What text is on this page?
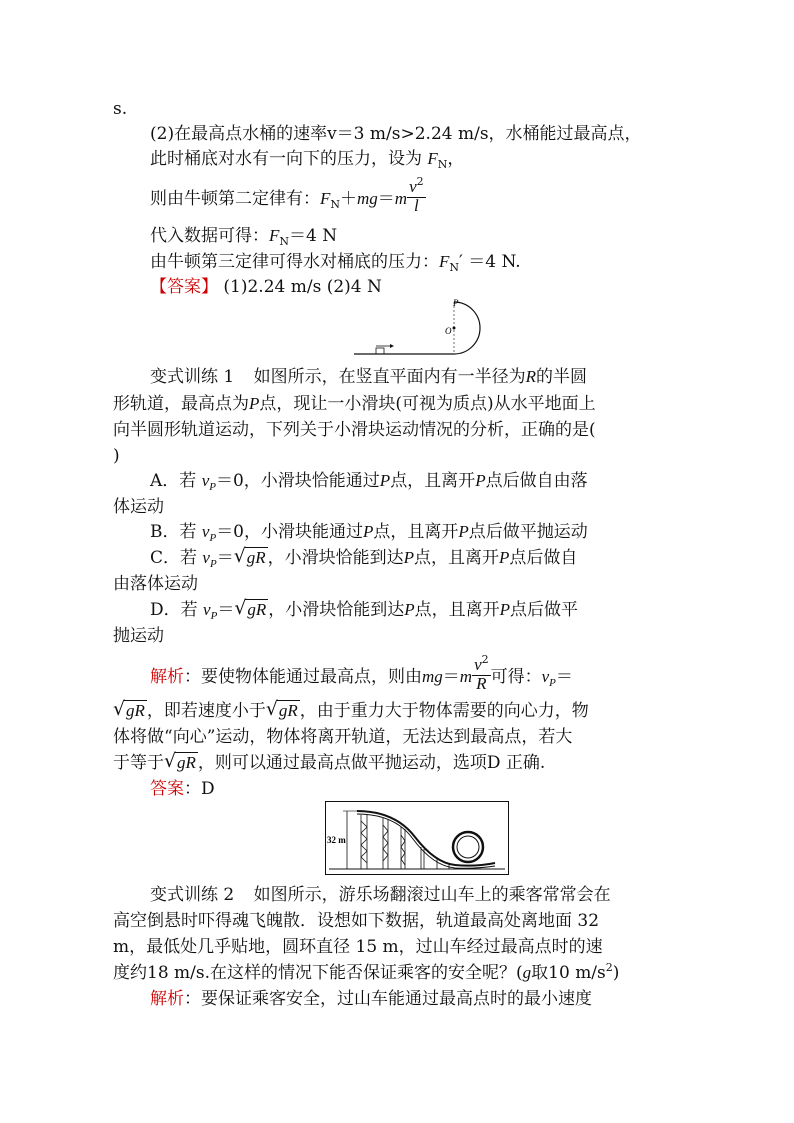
s.
(2)在最高点水桶的速率v＝3 m/s>2.24 m/s，水桶能过最高点，
此时桶底对水有一向下的压力，设为 $F_N$，
则由牛顿第二定律有：$F_N+mg=m \frac{v^2}{l}$
代入数据可得：$F_N=4$ N
由牛顿第三定律可得水对桶底的压力：$F_N' =4$ N.
【答案】 (1)2.24 m/s (2)4 N
P
O
变式训练 1 如图所示，在竖直平面内有一半径为R的半圆
形轨道，最高点为P点，现让一小滑块(可视为质点)从水平地面上
向半圆形轨道运动，下列关于小滑块运动情况的分析，正确的是(
)
A．若 $v_P=0$，小滑块恰能通过P点，且离开P点后做自由落
体运动
B．若 $v_P=0$，小滑块能通过P点，且离开P点后做平抛运动
C．若 $v_P=$ √ gR ，小滑块恰能到达P点，且离开P点后做自
由落体运动
D．若 $v_P=$ √ gR ，小滑块恰能到达P点，且离开P点后做平
抛运动
解析：要使物体能通过最高点，则由$mg=m \frac{v^2}{R}$ 可得：$v_P=$
√ gR ，即若速度小于 √ gR ，由于重力大于物体需要的向心力，物
体将做“向心”运动，物体将离开轨道，无法达到最高点，若大
于等于 √ gR ，则可以通过最高点做平抛运动，选项D 正确.
答案：D
32 m
变式训练 2 如图所示，游乐场翻滚过山车上的乘客常常会在
高空倒悬时吓得魂飞魄散．设想如下数据，轨道最高处离地面 32
m，最低处几乎贴地，圆环直径 15 m，过山车经过最高点时的速
度约18 m/s.在这样的情况下能否保证乘客的安全呢？(g取10 $m/s^2$)
解析：要保证乘客安全，过山车能通过最高点时的最小速度
